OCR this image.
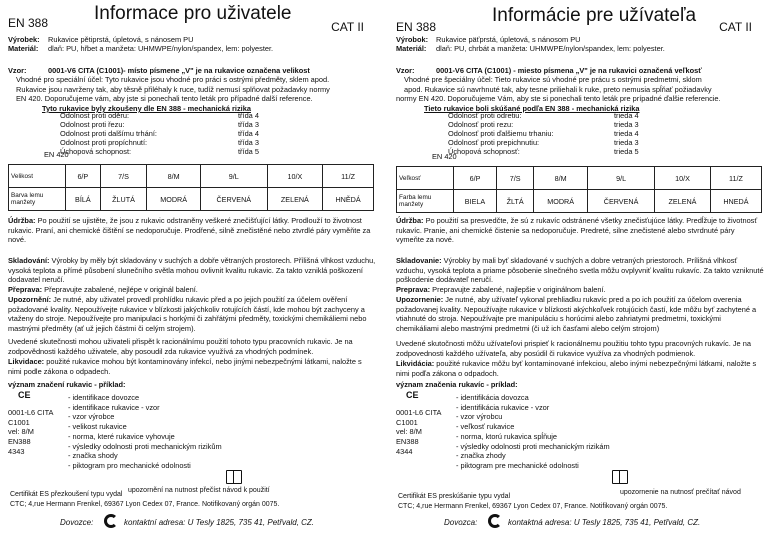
EN 388 Informace pro uživatele
CAT II
Výrobek: Rukavice pětiprstá, úpletová, s nánosem PU
Materiál: dlaň: PU, hřbet a manžeta: UHMWPE/nylon/spandex, lem: polyester.
Vzor:	0001-V6 CITA (C1001)- místo písmene „V" je na rukavice označena velikost
Vhodné pro speciální účel: Tyto rukavice jsou vhodné pro práci s ostrými předměty, sklem apod.
Rukavice jsou navrženy tak, aby těsně přiléhaly k ruce, tudíž nemusí splňovat požadavky normy
EN 420. Doporučujeme vám, aby jste si ponechali tento leták pro případné další reference.
Tyto rukavice byly zkoušeny dle EN 388 - mechanická rizika
Odolnost proti oděru:	třída 4
Odolnost proti řezu:	třída 3
Odolnost proti dalšímu trhání:	třída 4
Odolnost proti propíchnutí:	třída 3
Úchopová schopnost:	třída 5
EN 420
Velikost	6/P	7/S	8/M	9/L	10/X	11/Z
Barva lemu manžety	BÍLÁ	ŽLUTÁ	MODRÁ	ČERVENÁ	ZELENÁ	HNĚDÁ
Údržba: Po použití se ujistěte, že jsou z rukavic odstraněny veškeré znečišťující látky. Prodlouží to životnost rukavic. Praní, ani chemické čištění se nedoporučuje. Prodřené, silně znečistěné nebo ztvrdlé páry vyměňte za nové.
Skladování: Výrobky by měly být skladovány v suchých a dobře větraných prostorech. Přílišná vlhkost vzduchu, vysoká teplota a přímé působení slunečního světla mohou ovlivnit kvalitu rukavic. Za takto vzniklá poškození dodavatel neručí.
Přeprava: Přepravujte zabalené, nejlépe v originál balení.
Upozornění: Je nutné, aby uživatel provedl prohlídku rukavic před a po jejich použití za účelem ověření požadované kvality. Nepoužívejte rukavice v blízkosti jakýchkoliv rotujících částí, kde mohou být zachyceny a vtaženy do stroje. Nepoužívejte pro manipulaci s horkými či zahřátými předměty, toxickými chemikáliemi nebo mastnými předměty (ať už jejich částmi či celým strojem).
Uvedené skutečnosti mohou uživateli přispět k racionálnímu použití tohoto typu pracovních rukavic. Je na zodpovědnosti každého uživatele, aby posoudil zda rukavice využívá za vhodných podmínek.
Likvidace: použité rukavice mohou být kontaminovány infekcí, nebo jinými nebezpečnými látkami, naložte s nimi podle zákona o odpadech.
význam značení rukavic - příklad:
CE
0001-L6 CITA
C1001
vel: 8/M
EN388
4343
- identifikace dovozce
- identifikace rukavice - vzor
- vzor výrobce
- velikost rukavice
- norma, které rukavice vyhovuje
- výsledky odolnosti proti mechanickým rizikům
- značka shody
- piktogram pro mechanické odolnosti
Certifikát ES přezkoušení typu vydal
upozornění na nutnost přečíst návod k použití
CTC; 4,rue Hermann Frenkel, 69367 Lyon Cedex 07, France. Notifikovaný orgán 0075.
Dovozce:	kontaktní adresa: U Tesly 1825, 735 41, Petřvald, CZ.
EN 388
Informácie pre užívateľa
CAT II
Výrobok: Rukavice päťprstá, úpletová, s nánosom PU
Materiál: dlaň: PU, chrbát a manžeta: UHMWPE/nylon/spandex, lem: polyester.
Vzor:	0001-V6 CITA (C1001) - miesto písmena „V" je na rukavici označená veľkosť
Vhodné pre špeciálny účel: Tieto rukavice sú vhodné pre prácu s ostrými predmetmi, sklom
apod. Rukavice sú navrhnuté tak, aby tesne priliehali k ruke, preto nemusia spĺňať požiadavky
normy EN 420. Doporučujeme Vám, aby ste si ponechali tento leták pre prípadné ďalšie referencie.
Tieto rukavice boli skúšané podľa EN 388 - mechanická rizika
Odolnosť proti odretiu:	trieda 4
Odolnosť proti rezu:	trieda 3
Odolnosť proti ďalšiemu trhaniu:	trieda 4
Odolnosť proti prepichnutiu:	trieda 3
Úchopová schopnosť:	trieda 5
EN 420
Veľkosť	6/P	7/S	8/M	9/L	10/X	11/Z
Farba lemu manžety	BIELA	ŽLTÁ	MODRÁ	ČERVENÁ	ZELENÁ	HNEDÁ
Údržba: Po použití sa presvedčte, že sú z rukavíc odstránené všetky znečisťujúce látky. Predĺžuje to životnosť rukavíc. Pranie, ani chemické čistenie sa nedoporučuje. Predreté, silne znečistené alebo stvrdnuté páry vymeňte za nové.
Skladovanie: Výrobky by mali byť skladované v suchých a dobre vetraných priestoroch. Prílišná vlhkosť vzduchu, vysoká teplota a priame pôsobenie slnečného svetla môžu ovplyvniť kvalitu rukavíc. Za takto vzniknuté poškodenie dodávateľ neručí.
Preprava: Prepravujte zabalené, najlepšie v originálnom balení.
Upozornenie: Je nutné, aby užívateľ vykonal prehliadku rukavíc pred a po ich použití za účelom overenia požadovanej kvality. Nepoužívajte rukavice v blízkosti akýchkoľvek rotujúcich častí, kde môžu byť zachytené a vtiahnuté do stroja. Nepoužívajte pre manipuláciu s horúcimi alebo zahriatymi predmetmi, toxickými chemikáliami alebo mastnými predmetmi (či už ich časťami alebo celým strojom)
Uvedené skutočnosti môžu užívateľovi prispieť k racionálnemu použitiu tohto typu pracovných rukavíc. Je na zodpovednosti každého užívateľa, aby posúdil či rukavice využíva za vhodných podmienok.
Likvidácia: použité rukavice môžu byť kontaminované infekciou, alebo inými nebezpečnými látkami, naložte s nimi podľa zákona o odpadoch.
význam značenia rukavíc - príklad:
CE
0001-L6 CITA
C1001
vel: 8/M
EN388
4344
- identifikácia dovozca
- identifikácia rukavice - vzor
- vzor výrobcu
- veľkosť rukavice
- norma, ktorú rukavica spĺňuje
- výsledky odolnosti proti mechanickým rizikám
- značka zhody
- piktogram pre mechanické odolnosti
Certifikát ES preskúšanie typu vydal
upozornenie na nutnosť prečítať návod
CTC; 4,rue Hermann Frenkel, 69367 Lyon Cedex 07, France. Notifikovaný orgán 0075.
Dovozca:	kontaktná adresa: U Tesly 1825, 735 41, Petřvald, CZ.
